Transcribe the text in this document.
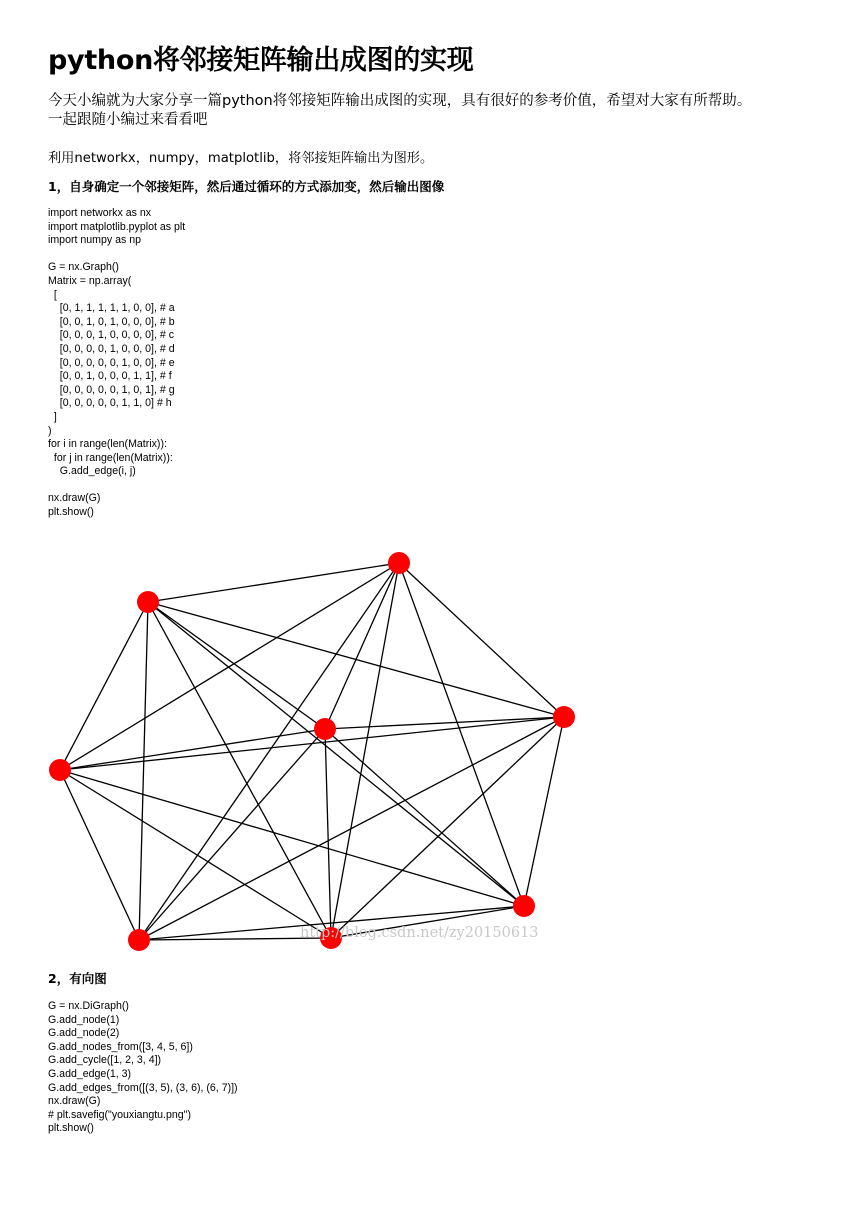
python将邻接矩阵输出成图的实现

今天小编就为大家分享一篇python将邻接矩阵输出成图的实现，具有很好的参考价值，希望对大家有所帮助。

一起跟随小编过来看看吧

利用networkx，numpy，matplotlib，将邻接矩阵输出为图形。
1，自身确定一个邻接矩阵，然后通过循环的方式添加变，然后输出图像
import networkx as nx
import matplotlib.pyplot as plt
import numpy as np

G = nx.Graph()
Matrix = np.array(
[
[0, 1, 1, 1, 1, 1, 0, 0], # a
[0, 0, 1, 0, 1, 0, 0, 0], # b
[0, 0, 0, 1, 0, 0, 0, 0], # c
[0, 0, 0, 0, 1, 0, 0, 0], # d
[0, 0, 0, 0, 0, 1, 0, 0], # e
[0, 0, 1, 0, 0, 0, 1, 1], # f
[0, 0, 0, 0, 0, 1, 0, 1], # g
[0, 0, 0, 0, 0, 1, 1, 0] # h
]
)
for i in range(len(Matrix)):
for j in range(len(Matrix)):
G.add_edge(i, j)

nx.draw(G)
plt.show()
2，有向图
G = nx.DiGraph()
G.add_node(1)
G.add_node(2)
G.add_nodes_from([3, 4, 5, 6])
G.add_cycle([1, 2, 3, 4])
G.add_edge(1, 3)
G.add_edges_from([(3, 5), (3, 6), (6, 7)])
nx.draw(G)
# plt.savefig("youxiangtu.png")
plt.show()
http://blog.csdn.net/zy20150613
